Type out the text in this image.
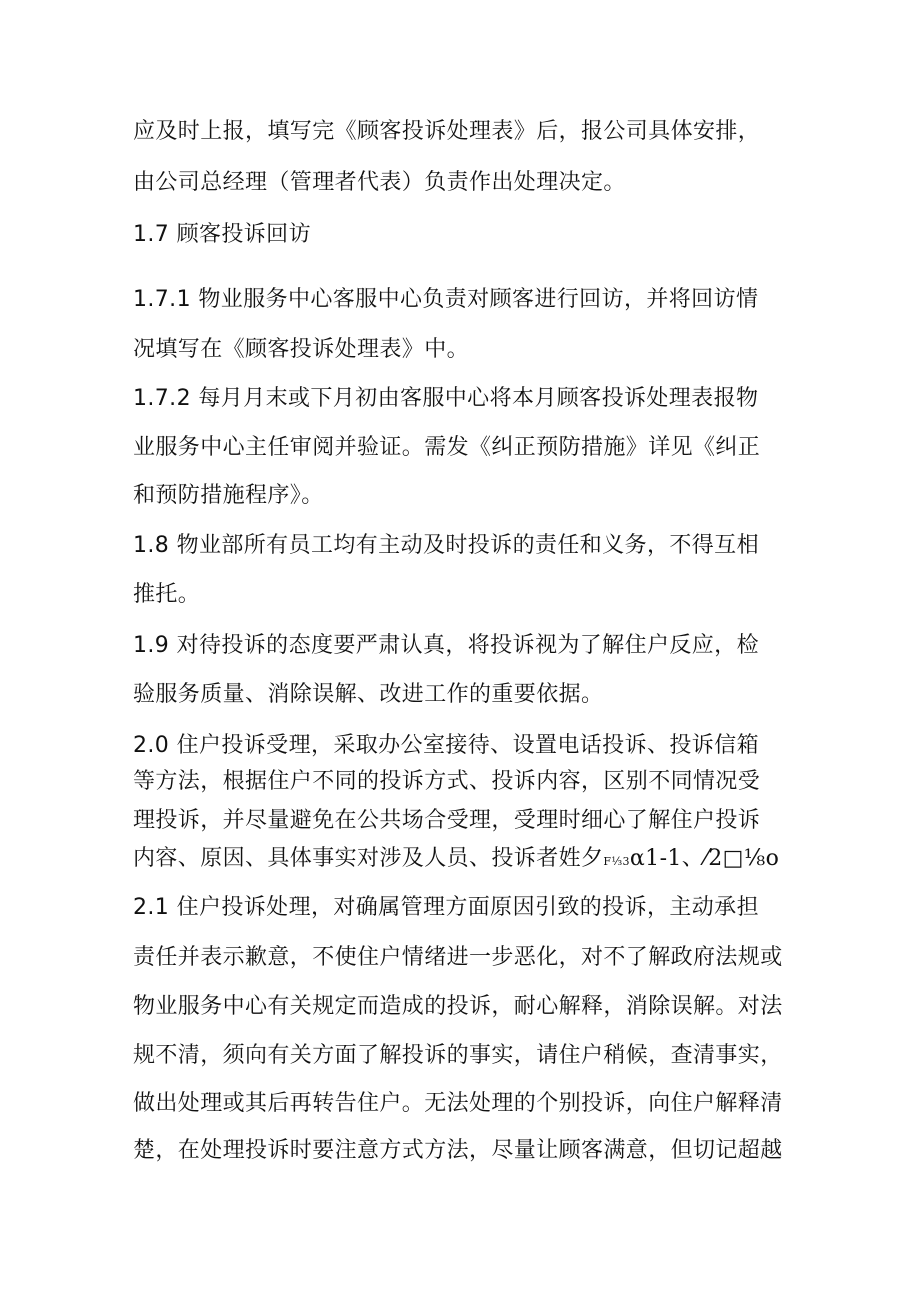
应及时上报，填写完《顾客投诉处理表》后，报公司具体安排，
由公司总经理（管理者代表）负责作出处理决定。
1.7 顾客投诉回访
1.7.1 物业服务中心客服中心负责对顾客进行回访，并将回访情
况填写在《顾客投诉处理表》中。
1.7.2 每月月末或下月初由客服中心将本月顾客投诉处理表报物
业服务中心主任审阅并验证。需发《纠正预防措施》详见《纠正
和预防措施程序》。
1.8 物业部所有员工均有主动及时投诉的责任和义务，不得互相
推托。
1.9 对待投诉的态度要严肃认真，将投诉视为了解住户反应，检
验服务质量、消除误解、改进工作的重要依据。
2.0 住户投诉受理，采取办公室接待、设置电话投诉、投诉信箱
等方法，根据住户不同的投诉方式、投诉内容，区别不同情况受
理投诉，并尽量避免在公共场合受理，受理时细心了解住户投诉
内容、原因、具体事实对涉及人员、投诉者姓夕F⅓3α1-1、⁄2□⅛o
2.1 住户投诉处理，对确属管理方面原因引致的投诉，主动承担
责任并表示歉意，不使住户情绪进一步恶化，对不了解政府法规或
物业服务中心有关规定而造成的投诉，耐心解释，消除误解。对法
规不清，须向有关方面了解投诉的事实，请住户稍候，查清事实，
做出处理或其后再转告住户。无法处理的个别投诉，向住户解释清
楚，在处理投诉时要注意方式方法，尽量让顾客满意，但切记超越
